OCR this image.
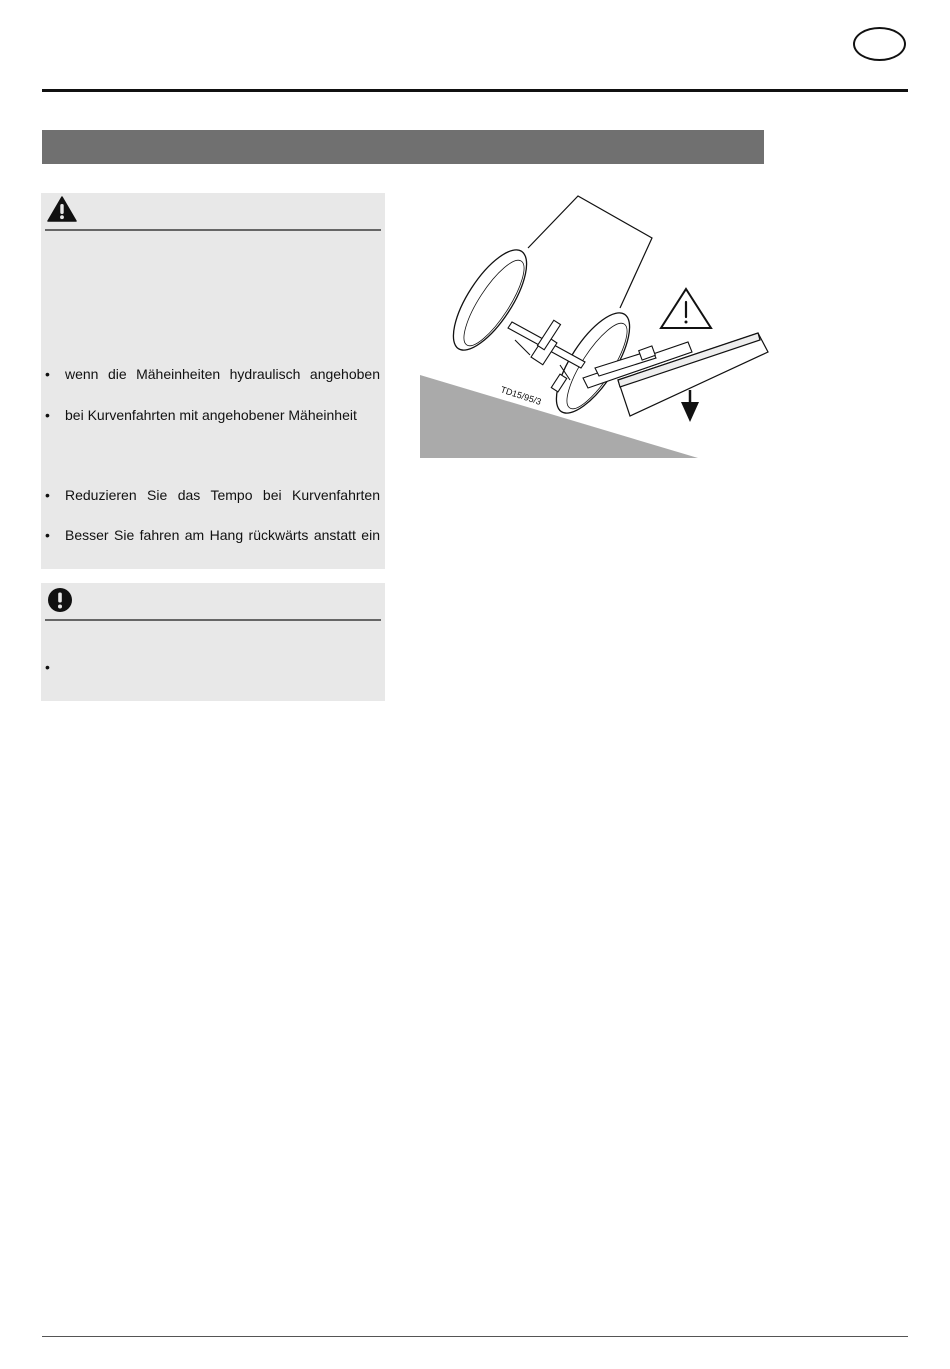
•	wenn die Mäheinheiten hydraulisch angehoben
•	bei Kurvenfahrten mit angehobener Mäheinheit
•	Reduzieren Sie das Tempo bei Kurvenfahrten
•	Besser Sie fahren am Hang rückwärts anstatt ein
•
TD15/95/3
